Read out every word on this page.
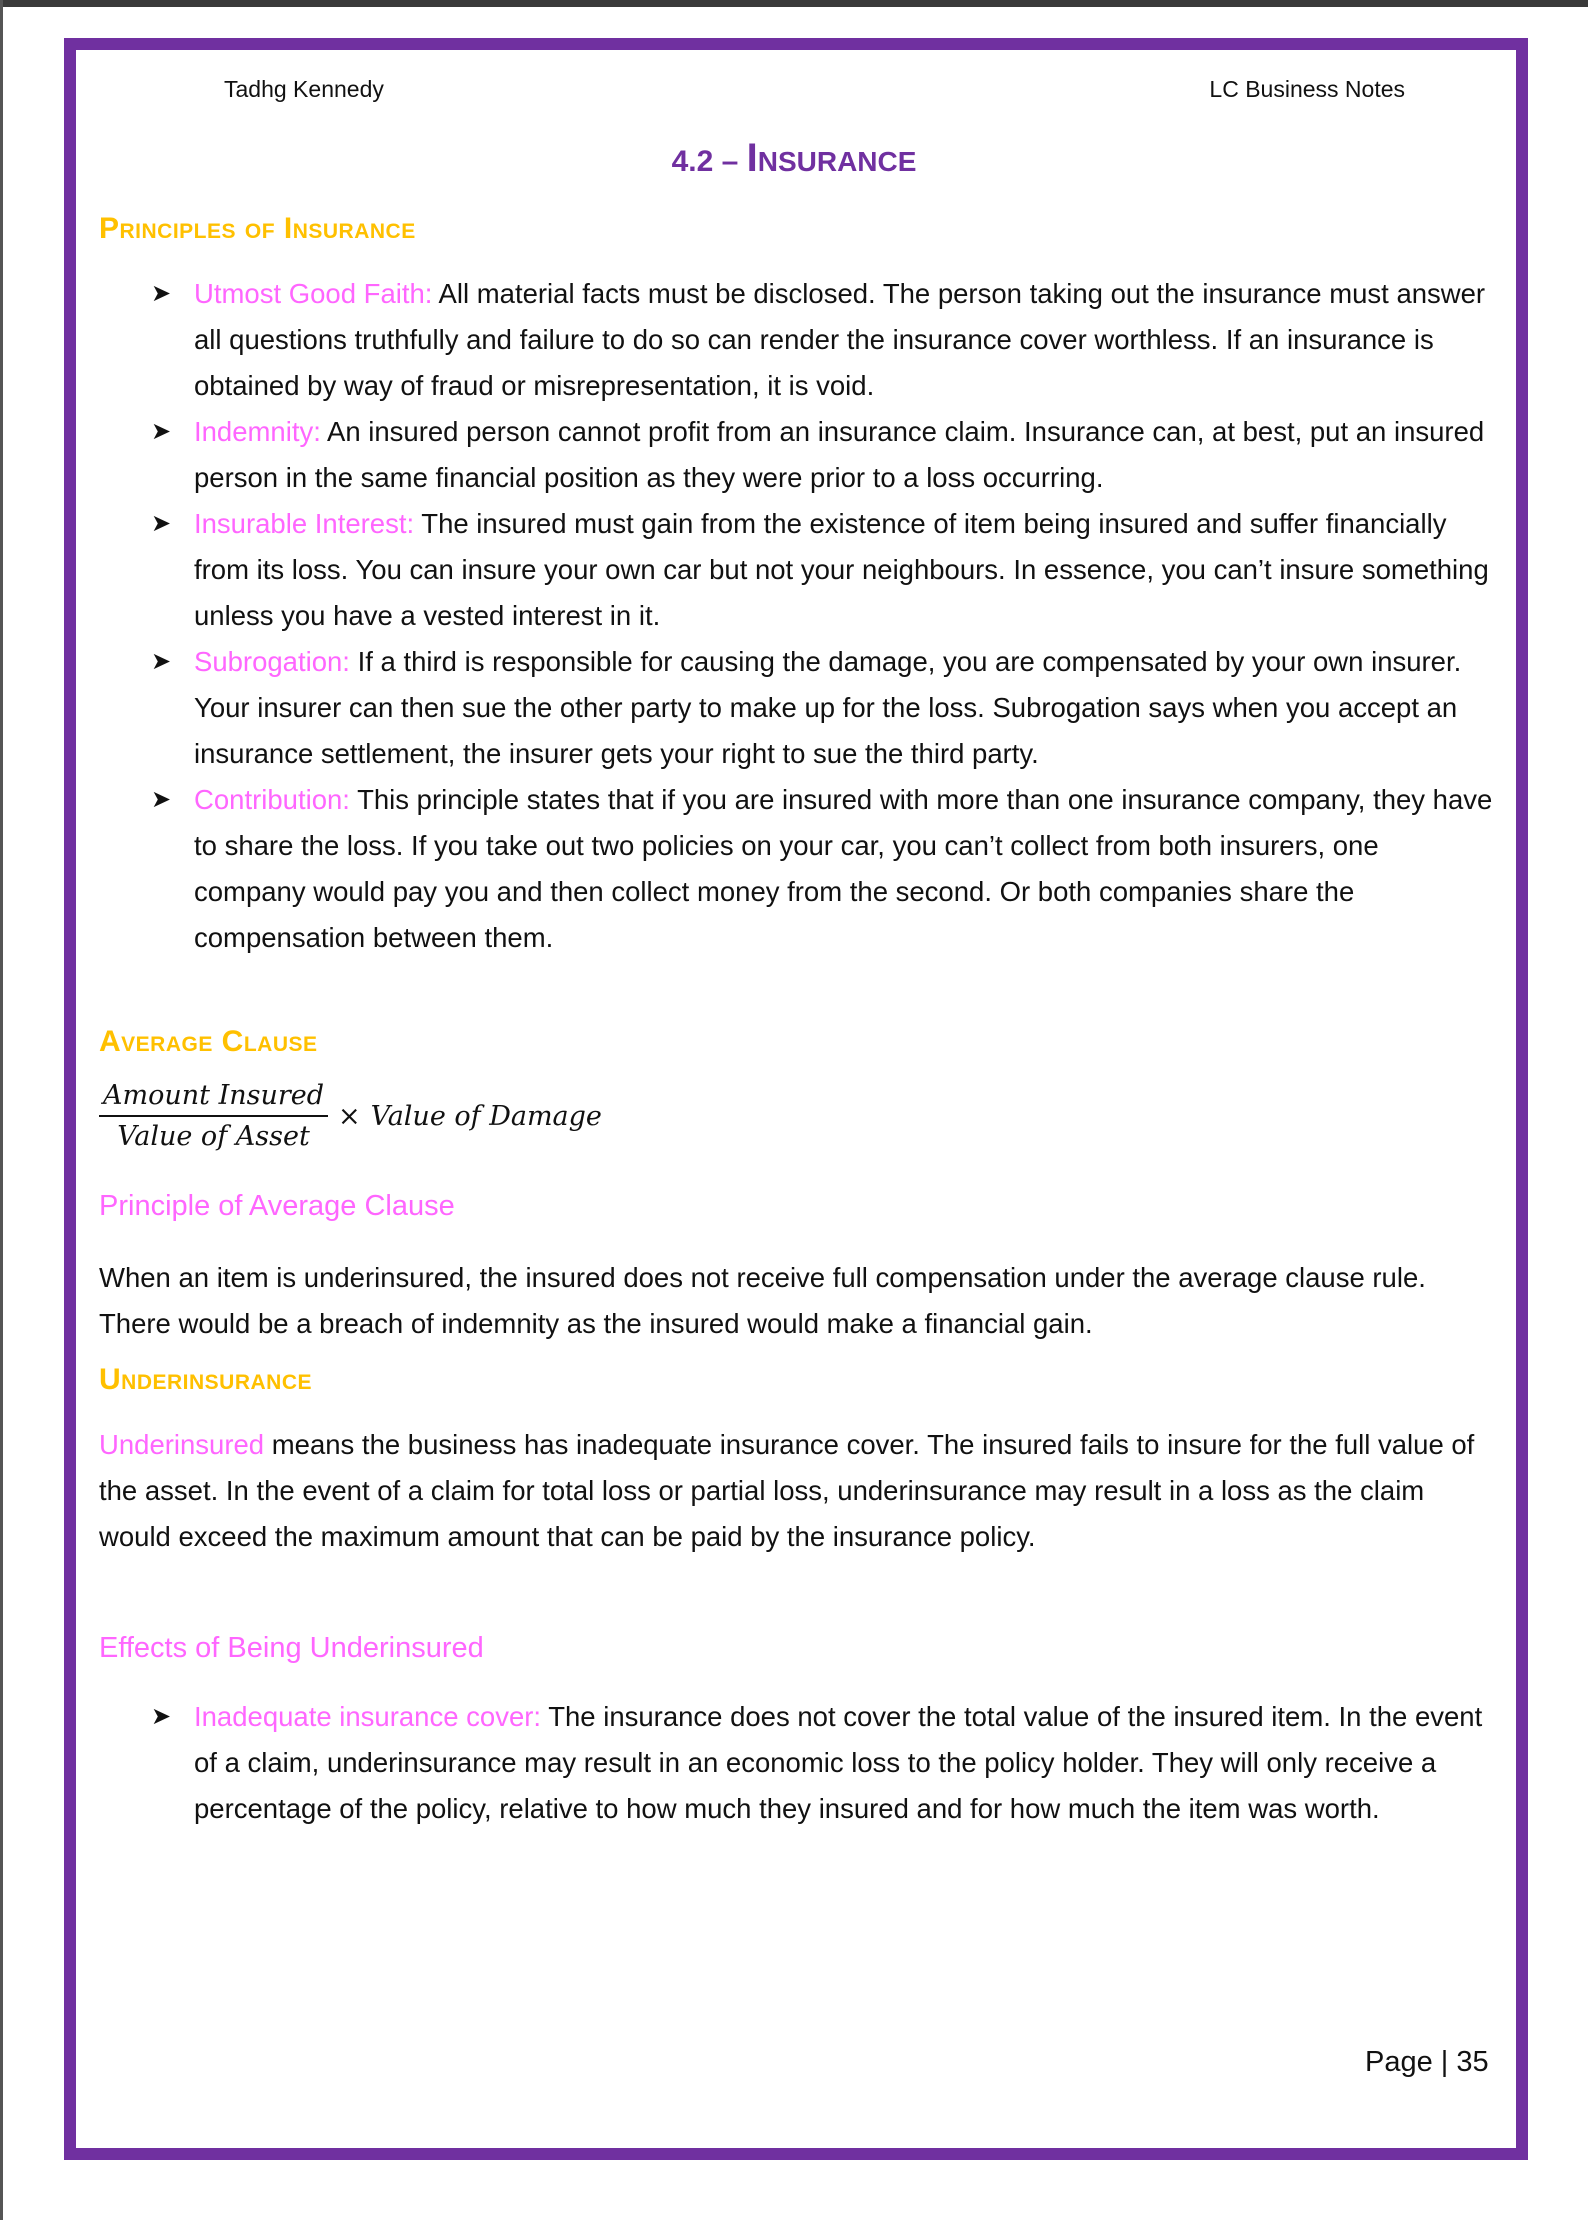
Tadhg Kennedy	LC Business Notes
4.2 – Insurance
Principles of Insurance
➤ Utmost Good Faith: All material facts must be disclosed. The person taking out the insurance must answer all questions truthfully and failure to do so can render the insurance cover worthless. If an insurance is obtained by way of fraud or misrepresentation, it is void.
➤ Indemnity: An insured person cannot profit from an insurance claim. Insurance can, at best, put an insured person in the same financial position as they were prior to a loss occurring.
➤ Insurable Interest: The insured must gain from the existence of item being insured and suffer financially from its loss. You can insure your own car but not your neighbours. In essence, you can’t insure something unless you have a vested interest in it.
➤ Subrogation: If a third is responsible for causing the damage, you are compensated by your own insurer. Your insurer can then sue the other party to make up for the loss. Subrogation says when you accept an insurance settlement, the insurer gets your right to sue the third party.
➤ Contribution: This principle states that if you are insured with more than one insurance company, they have to share the loss. If you take out two policies on your car, you can’t collect from both insurers, one company would pay you and then collect money from the second. Or both companies share the compensation between them.
Average Clause
$\frac{\text{Amount Insured}}{\text{Value of Asset}}$ × Value of Damage
Principle of Average Clause
When an item is underinsured, the insured does not receive full compensation under the average clause rule. There would be a breach of indemnity as the insured would make a financial gain.
Underinsurance
Underinsured means the business has inadequate insurance cover. The insured fails to insure for the full value of the asset. In the event of a claim for total loss or partial loss, underinsurance may result in a loss as the claim would exceed the maximum amount that can be paid by the insurance policy.
Effects of Being Underinsured
➤ Inadequate insurance cover: The insurance does not cover the total value of the insured item. In the event of a claim, underinsurance may result in an economic loss to the policy holder. They will only receive a percentage of the policy, relative to how much they insured and for how much the item was worth.
Page | 35
